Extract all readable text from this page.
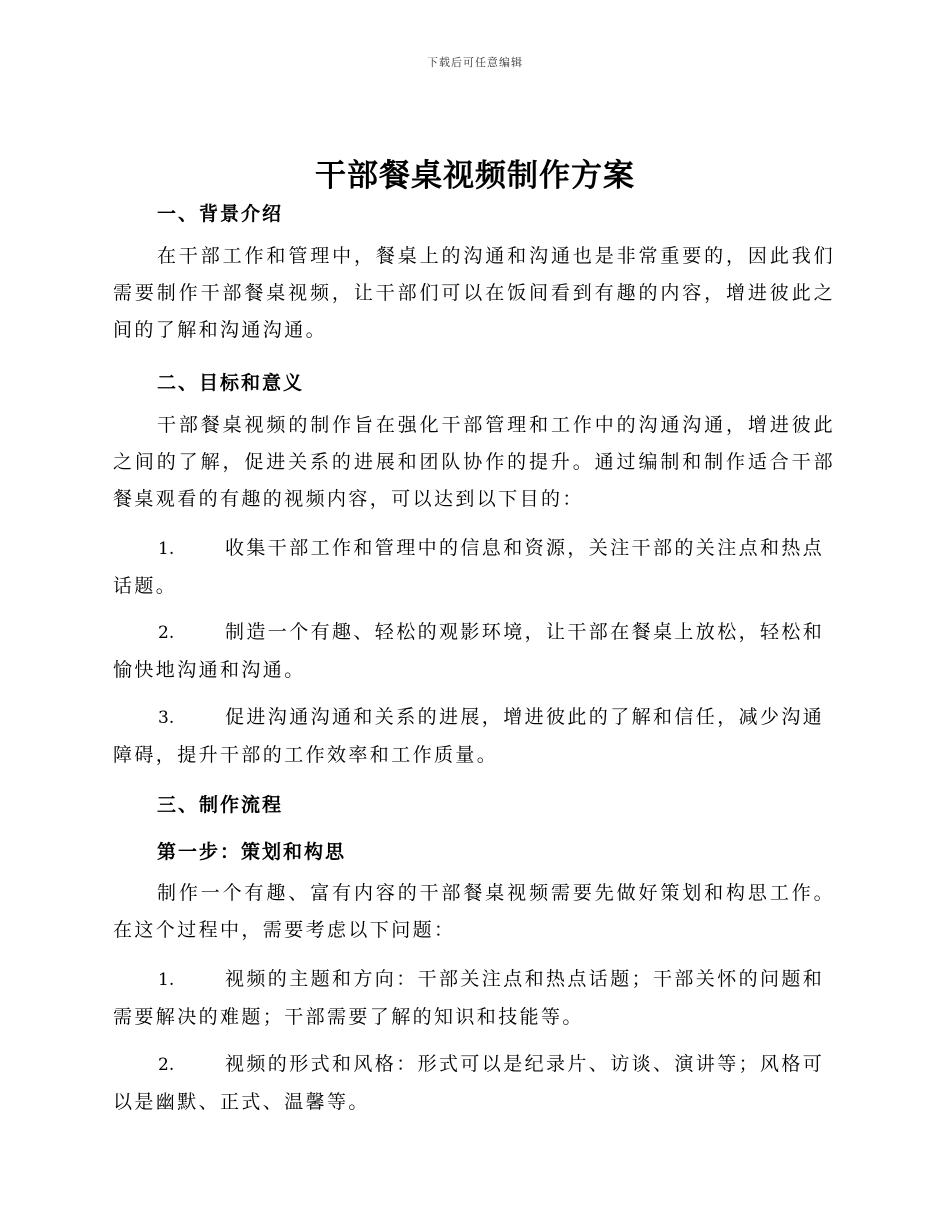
下载后可任意编辑
干部餐桌视频制作方案

一、背景介绍

在干部工作和管理中，餐桌上的沟通和沟通也是非常重要的，因此我们需要制作干部餐桌视频，让干部们可以在饭间看到有趣的内容，增进彼此之间的了解和沟通沟通。

二、目标和意义

干部餐桌视频的制作旨在强化干部管理和工作中的沟通沟通，增进彼此之间的了解，促进关系的进展和团队协作的提升。通过编制和制作适合干部餐桌观看的有趣的视频内容，可以达到以下目的：

1.	收集干部工作和管理中的信息和资源，关注干部的关注点和热点话题。

2.	制造一个有趣、轻松的观影环境，让干部在餐桌上放松，轻松和愉快地沟通和沟通。

3.	促进沟通沟通和关系的进展，增进彼此的了解和信任，减少沟通障碍，提升干部的工作效率和工作质量。

三、制作流程

第一步：策划和构思

制作一个有趣、富有内容的干部餐桌视频需要先做好策划和构思工作。在这个过程中，需要考虑以下问题：

1.	视频的主题和方向：干部关注点和热点话题；干部关怀的问题和需要解决的难题；干部需要了解的知识和技能等。

2.	视频的形式和风格：形式可以是纪录片、访谈、演讲等；风格可以是幽默、正式、温馨等。
